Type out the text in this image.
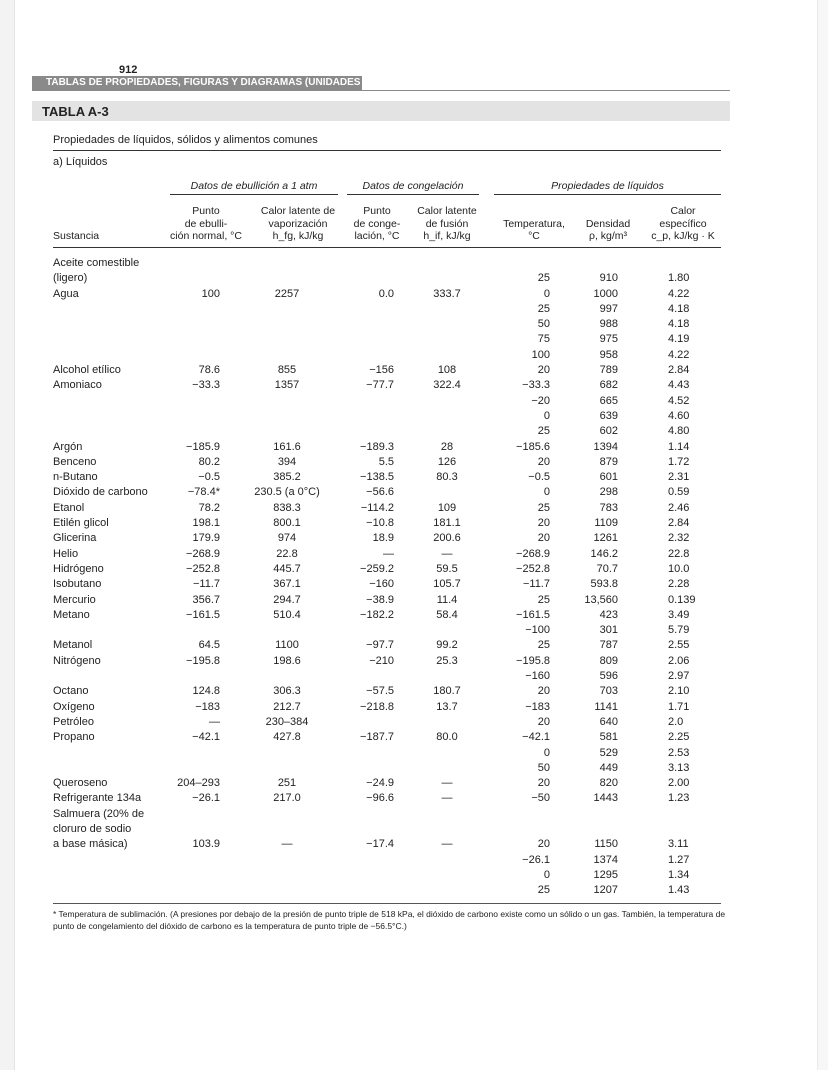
912
TABLAS DE PROPIEDADES, FIGURAS Y DIAGRAMAS (UNIDADES SI)
TABLA A-3
Propiedades de líquidos, sólidos y alimentos comunes
a) Líquidos
Datos de ebullición a 1 atm	Datos de congelación	Propiedades de líquidos
Sustancia
Punto
de ebulli-
ción normal, °C
Calor latente de
vaporización
h_fg, kJ/kg
Punto
de conge-
lación, °C
Calor latente
de fusión
h_if, kJ/kg
Temperatura,
°C
Densidad
ρ, kg/m³
Calor
específico
c_p, kJ/kg · K
Aceite comestible
(ligero)
Agua
Alcohol etílico
Amoniaco
Argón
Benceno
n-Butano
Dióxido de carbono
Etanol
Etilén glicol
Glicerina
Helio
Hidrógeno
Isobutano
Mercurio
Metano
Metanol
Nitrógeno
Octano
Oxígeno
Petróleo
Propano
Queroseno
Refrigerante 134a
Salmuera (20% de
cloruro de sodio
a base másica)
100
78.6
−33.3
−185.9
80.2
−0.5
−78.4*
78.2
198.1
179.9
−268.9
−252.8
−11.7
356.7
−161.5
64.5
−195.8
124.8
−183
—
−42.1
204–293
−26.1
103.9
2257
855
1357
161.6
394
385.2
230.5 (a 0°C)
838.3
800.1
974
22.8
445.7
367.1
294.7
510.4
1100
198.6
306.3
212.7
230–384
427.8
251
217.0
—
0.0
−156
−77.7
−189.3
5.5
−138.5
−56.6
−114.2
−10.8
18.9
—
−259.2
−160
−38.9
−182.2
−97.7
−210
−57.5
−218.8
−187.7
−24.9
−96.6
−17.4
333.7
108
322.4
28
126
80.3
109
181.1
200.6
—
59.5
105.7
11.4
58.4
99.2
25.3
180.7
13.7
80.0
—
—
—
25
0
25
50
75
100
20
−33.3
−20
0
25
−185.6
20
−0.5
0
25
20
20
−268.9
−252.8
−11.7
25
−161.5
−100
25
−195.8
−160
20
−183
20
−42.1
0
50
20
−50
20
−26.1
0
25
910
1000
997
988
975
958
789
682
665
639
602
1394
879
601
298
783
1109
1261
146.2
70.7
593.8
13,560
423
301
787
809
596
703
1141
640
581
529
449
820
1443
1150
1374
1295
1207
1.80
4.22
4.18
4.18
4.19
4.22
2.84
4.43
4.52
4.60
4.80
1.14
1.72
2.31
0.59
2.46
2.84
2.32
22.8
10.0
2.28
0.139
3.49
5.79
2.55
2.06
2.97
2.10
1.71
2.0
2.25
2.53
3.13
2.00
1.23
3.11
1.27
1.34
1.43
* Temperatura de sublimación. (A presiones por debajo de la presión de punto triple de 518 kPa, el dióxido de carbono existe como un sólido o un gas. También, la temperatura de punto de congelamiento del dióxido de carbono es la temperatura de punto triple de −56.5°C.)
